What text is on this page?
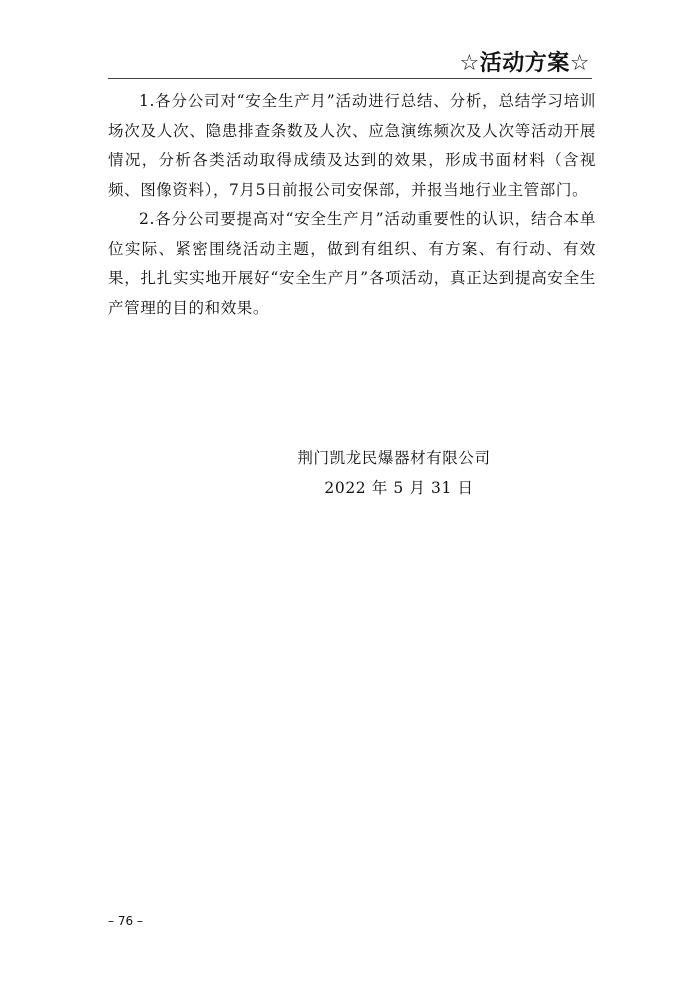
☆活动方案☆

1.各分公司对“安全生产月”活动进行总结、分析，总结学习培训场次及人次、隐患排查条数及人次、应急演练频次及人次等活动开展情况，分析各类活动取得成绩及达到的效果，形成书面材料（含视频、图像资料），7月5日前报公司安保部，并报当地行业主管部门。

2.各分公司要提高对“安全生产月”活动重要性的认识，结合本单位实际、紧密围绕活动主题，做到有组织、有方案、有行动、有效果，扎扎实实地开展好“安全生产月”各项活动，真正达到提高安全生产管理的目的和效果。

荆门凯龙民爆器材有限公司
2022 年 5 月 31 日
– 76 –
